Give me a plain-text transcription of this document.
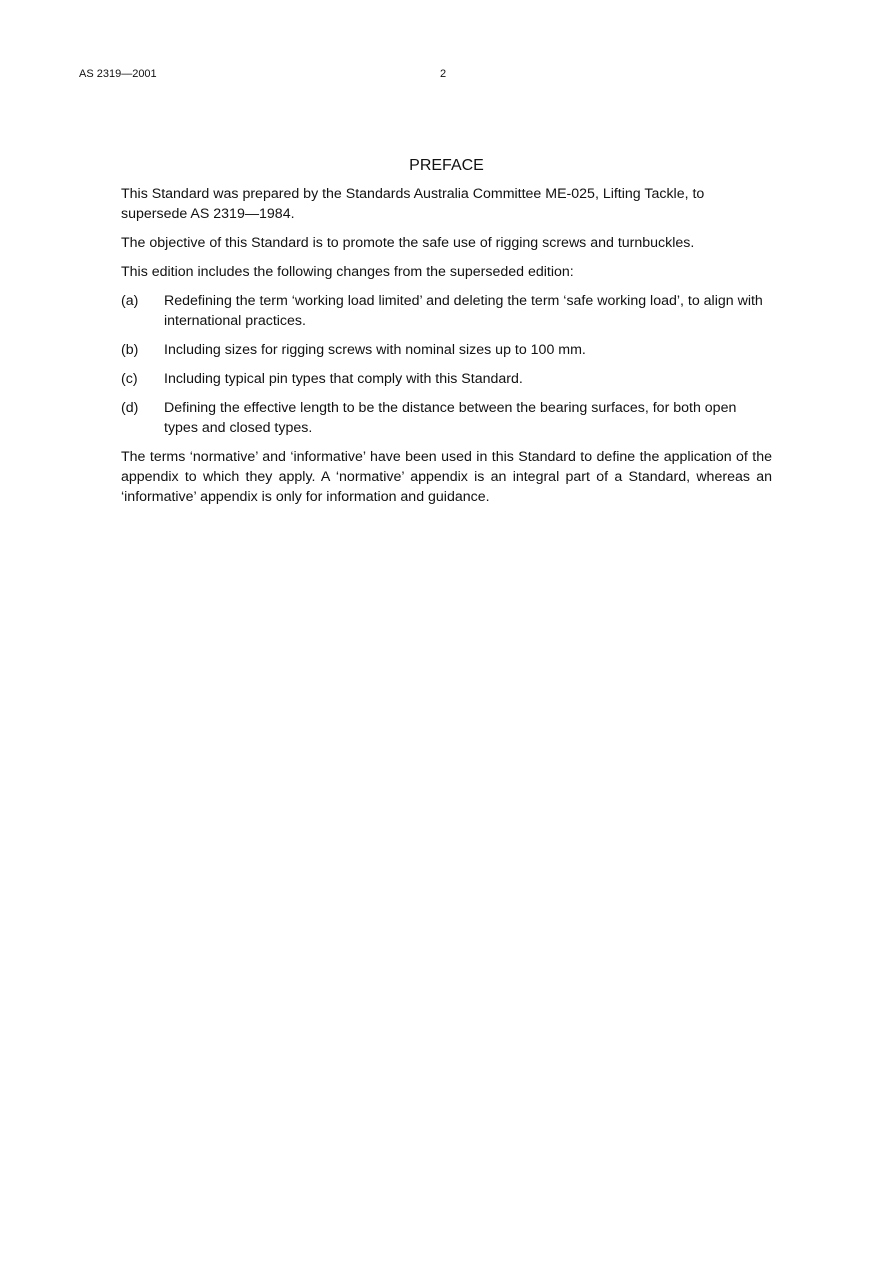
AS 2319—2001	2
PREFACE

This Standard was prepared by the Standards Australia Committee ME-025, Lifting Tackle, to supersede AS 2319—1984.

The objective of this Standard is to promote the safe use of rigging screws and turnbuckles.

This edition includes the following changes from the superseded edition:

(a)	Redefining the term ‘working load limited’ and deleting the term ‘safe working load’, to align with international practices.
(b)	Including sizes for rigging screws with nominal sizes up to 100 mm.
(c)	Including typical pin types that comply with this Standard.
(d)	Defining the effective length to be the distance between the bearing surfaces, for both open types and closed types.

The terms ‘normative’ and ‘informative’ have been used in this Standard to define the application of the appendix to which they apply. A ‘normative’ appendix is an integral part of a Standard, whereas an ‘informative’ appendix is only for information and guidance.
